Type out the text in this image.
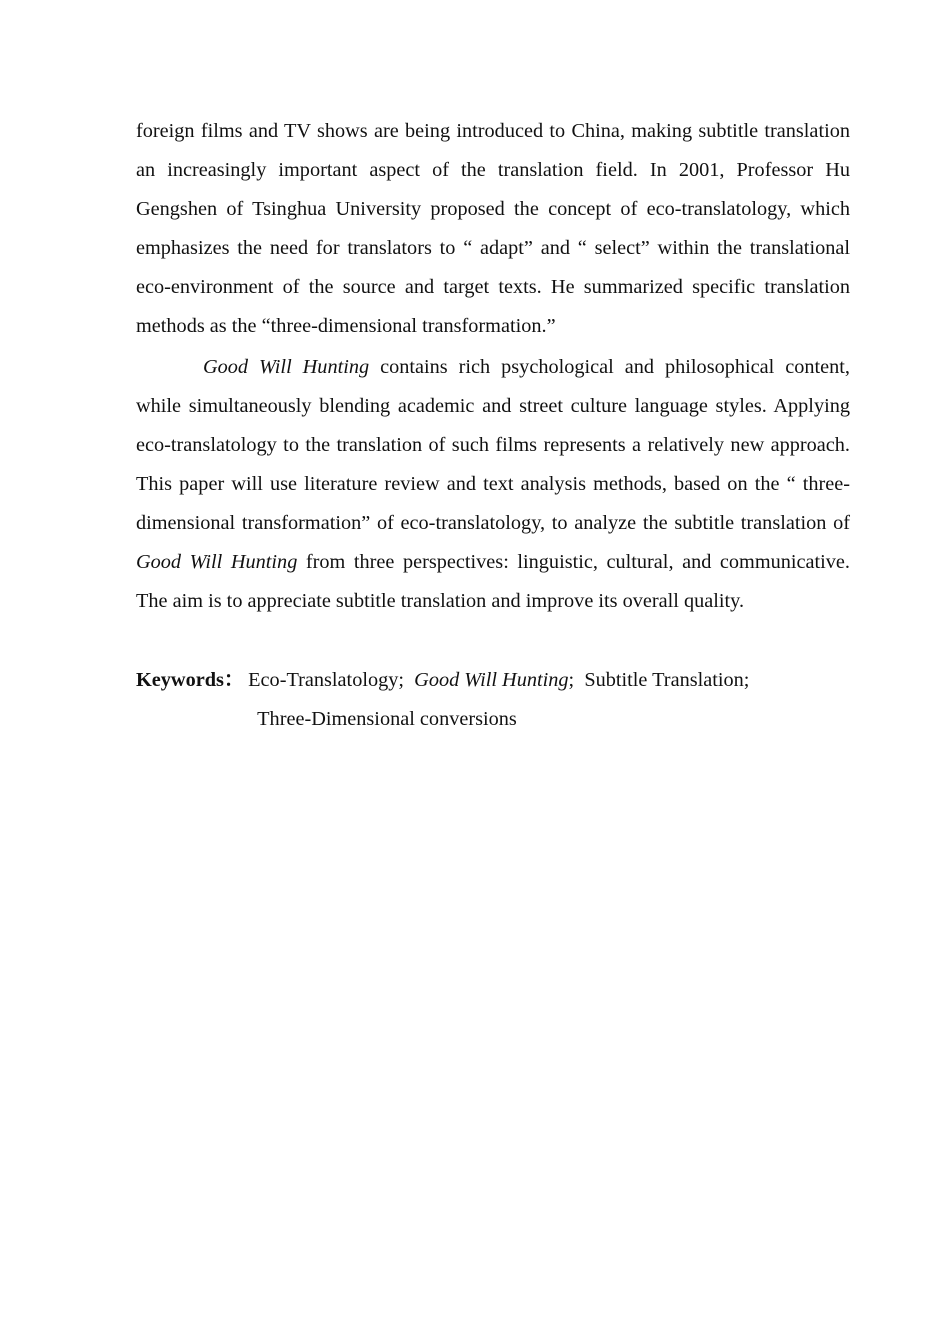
foreign films and TV shows are being introduced to China, making subtitle translation an increasingly important aspect of the translation field. In 2001, Professor Hu Gengshen of Tsinghua University proposed the concept of eco-translatology, which emphasizes the need for translators to “ adapt” and “ select” within the translational eco-environment of the source and target texts. He summarized specific translation methods as the “three-dimensional transformation.”

Good Will Hunting contains rich psychological and philosophical content, while simultaneously blending academic and street culture language styles. Applying eco-translatology to the translation of such films represents a relatively new approach. This paper will use literature review and text analysis methods, based on the “ three-dimensional transformation” of eco-translatology, to analyze the subtitle translation of Good Will Hunting from three perspectives: linguistic, cultural, and communicative. The aim is to appreciate subtitle translation and improve its overall quality.

Keywords： Eco-Translatology; Good Will Hunting; Subtitle Translation;
Three-Dimensional conversions
